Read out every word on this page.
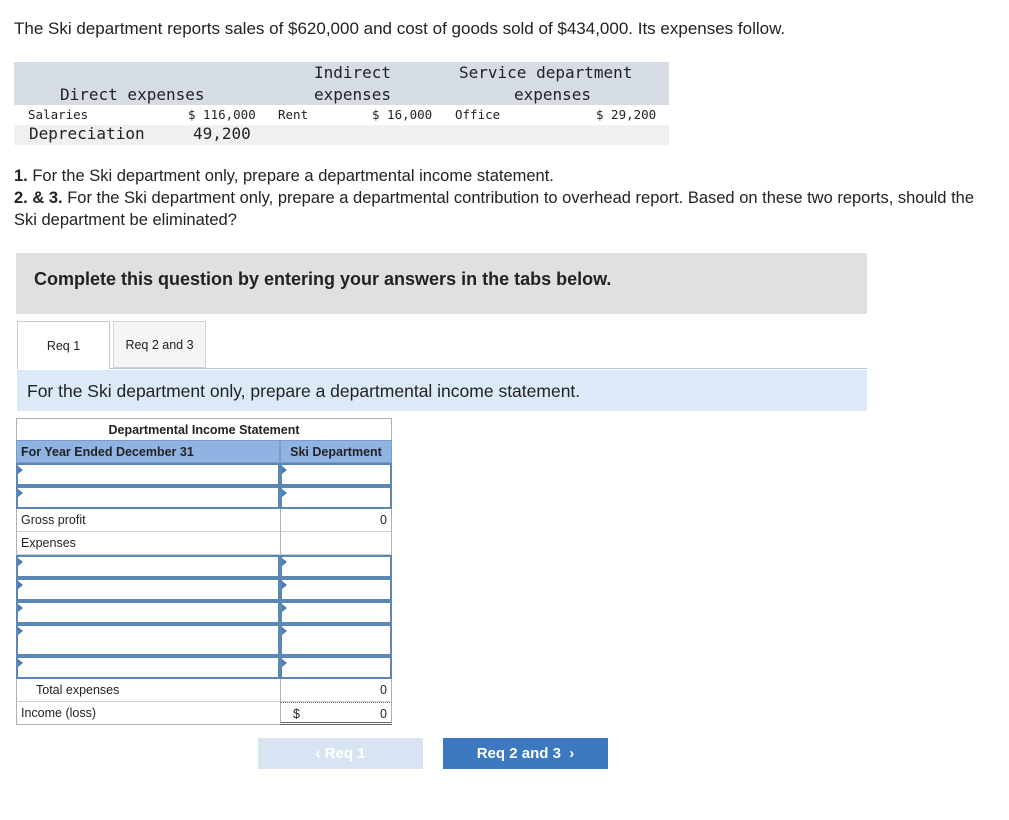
The Ski department reports sales of $620,000 and cost of goods sold of $434,000. Its expenses follow.
Direct expenses
Indirect
expenses
Service department
expenses
Salaries	$ 116,000 Rent	$ 16,000 Office	$ 29,200
Depreciation	49,200
1. For the Ski department only, prepare a departmental income statement.
2. & 3. For the Ski department only, prepare a departmental contribution to overhead report. Based on these two reports, should the Ski department be eliminated?
Complete this question by entering your answers in the tabs below.
Req 1	Req 2 and 3
For the Ski department only, prepare a departmental income statement.
Departmental Income Statement
For Year Ended December 31	Ski Department
Gross profit	0
Expenses
Total expenses	0
Income (loss)	$	0
‹ Req 1	Req 2 and 3 ›
